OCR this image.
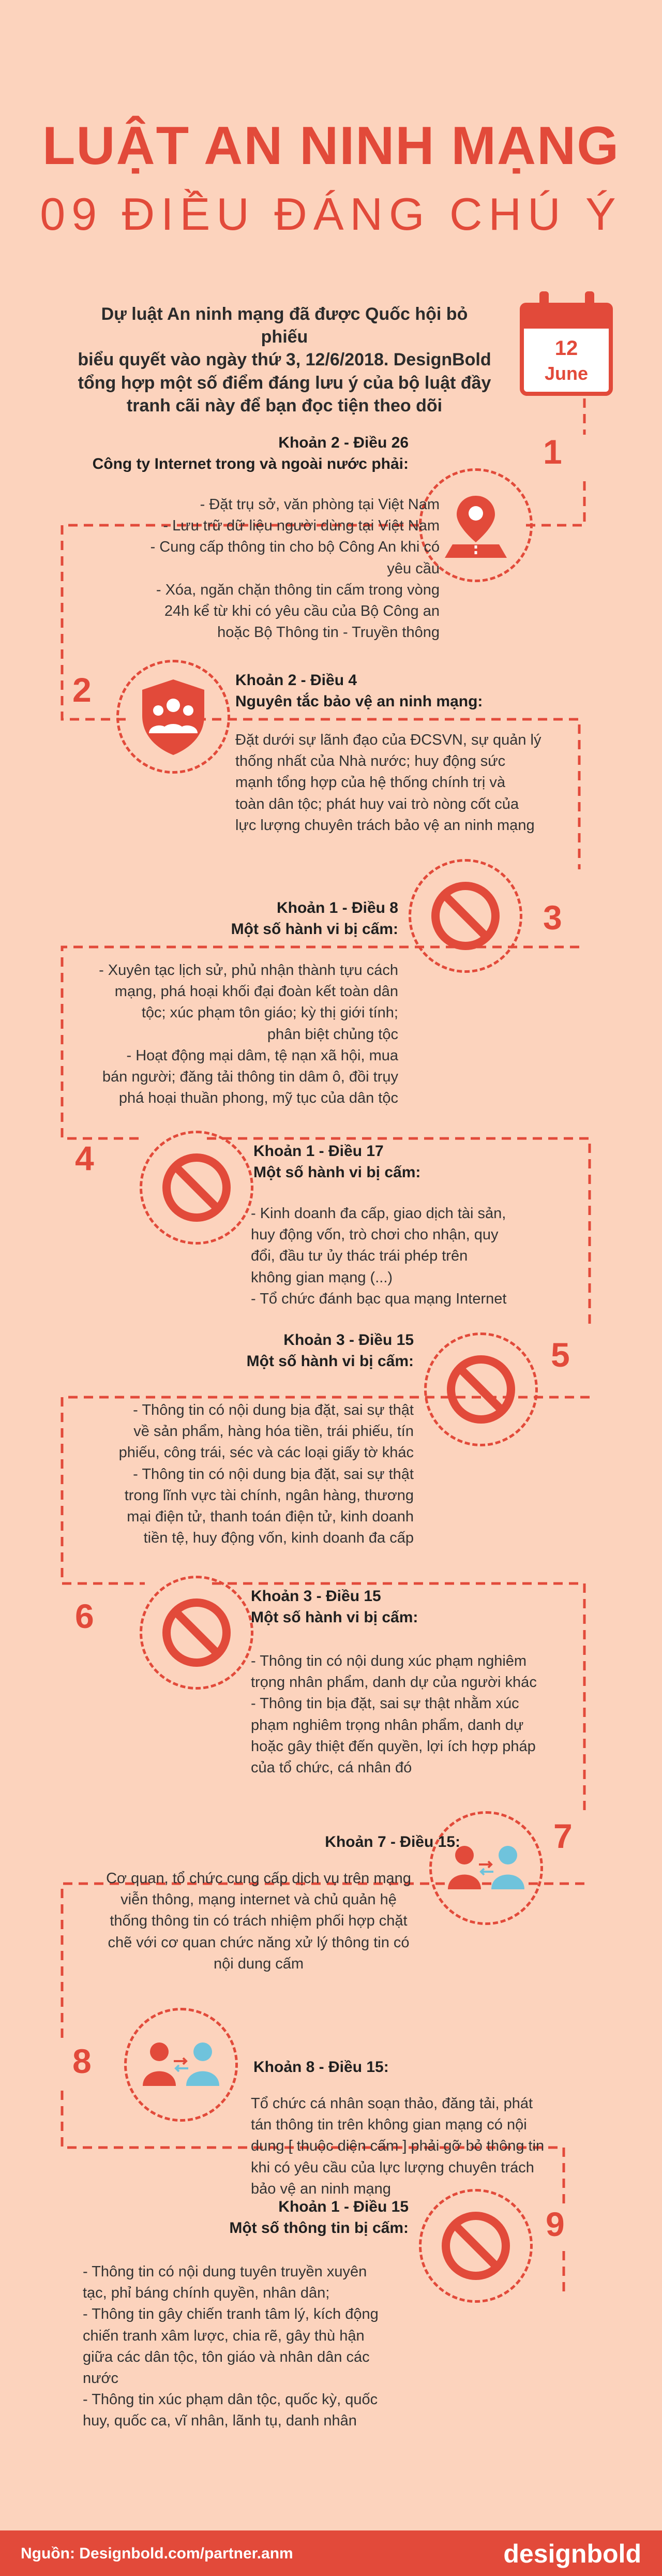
LUẬT AN NINH MẠNG
09 ĐIỀU ĐÁNG CHÚ Ý
Dự luật An ninh mạng đã được Quốc hội bỏ phiếu
biểu quyết vào ngày thứ 3, 12/6/2018. DesignBold
tổng hợp một số điểm đáng lưu ý của bộ luật đầy
tranh cãi này để bạn đọc tiện theo dõi
12
June
1
Khoản 2 - Điều 26
Công ty Internet trong và ngoài nước phải:
- Đặt trụ sở, văn phòng tại Việt Nam
- Lưu trữ dữ liệu người dùng tại Việt Nam
- Cung cấp thông tin cho bộ Công An khi có
yêu cầu
- Xóa, ngăn chặn thông tin cấm trong vòng
24h kể từ khi có yêu cầu của Bộ Công an
hoặc Bộ Thông tin - Truyền thông
2	Khoản 2 - Điều 4
Nguyên tắc bảo vệ an ninh mạng:
Đặt dưới sự lãnh đạo của ĐCSVN, sự quản lý
thống nhất của Nhà nước; huy động sức
mạnh tổng hợp của hệ thống chính trị và
toàn dân tộc; phát huy vai trò nòng cốt của
lực lượng chuyên trách bảo vệ an ninh mạng
3
Khoản 1 - Điều 8
Một số hành vi bị cấm:
- Xuyên tạc lịch sử, phủ nhận thành tựu cách
mạng, phá hoại khối đại đoàn kết toàn dân
tộc; xúc phạm tôn giáo; kỳ thị giới tính;
phân biệt chủng tộc
- Hoạt động mại dâm, tệ nạn xã hội, mua
bán người; đăng tải thông tin dâm ô, đồi trụy
phá hoại thuần phong, mỹ tục của dân tộc
4	Khoản 1 - Điều 17
Một số hành vi bị cấm:
- Kinh doanh đa cấp, giao dịch tài sản,
huy động vốn, trò chơi cho nhận, quy
đổi, đầu tư ủy thác trái phép trên
không gian mạng (...)
- Tổ chức đánh bạc qua mạng Internet
5
Khoản 3 - Điều 15
Một số hành vi bị cấm:
- Thông tin có nội dung bịa đặt, sai sự thật
về sản phẩm, hàng hóa tiền, trái phiếu, tín
phiếu, công trái, séc và các loại giấy tờ khác
- Thông tin có nội dung bịa đặt, sai sự thật
trong lĩnh vực tài chính, ngân hàng, thương
mại điện tử, thanh toán điện tử, kinh doanh
tiền tệ, huy động vốn, kinh doanh đa cấp
6
Khoản 3 - Điều 15
Một số hành vi bị cấm:
- Thông tin có nội dung xúc phạm nghiêm
trọng nhân phẩm, danh dự của người khác
- Thông tin bịa đặt, sai sự thật nhằm xúc
phạm nghiêm trọng nhân phẩm, danh dự
hoặc gây thiệt đến quyền, lợi ích hợp pháp
của tổ chức, cá nhân đó
7
Khoản 7 - Điều 15:
Cơ quan, tổ chức cung cấp dịch vụ trên mạng
viễn thông, mạng internet và chủ quản hệ
thống thông tin có trách nhiệm phối hợp chặt
chẽ với cơ quan chức năng xử lý thông tin có
nội dung cấm
8	Khoản 8 - Điều 15:
Tổ chức cá nhân soạn thảo, đăng tải, phát
tán thông tin trên không gian mạng có nội
dung [ thuộc diện cấm ] phải gỡ bỏ thông tin
khi có yêu cầu của lực lượng chuyên trách
bảo vệ an ninh mạng
9
Khoản 1 - Điều 15
Một số thông tin bị cấm:
- Thông tin có nội dung tuyên truyền xuyên
tạc, phỉ báng chính quyền, nhân dân;
- Thông tin gây chiến tranh tâm lý, kích động
chiến tranh xâm lược, chia rẽ, gây thù hận
giữa các dân tộc, tôn giáo và nhân dân các
nước
- Thông tin xúc phạm dân tộc, quốc kỳ, quốc
huy, quốc ca, vĩ nhân, lãnh tụ, danh nhân
Nguồn: Designbold.com/partner.anm	designbold
